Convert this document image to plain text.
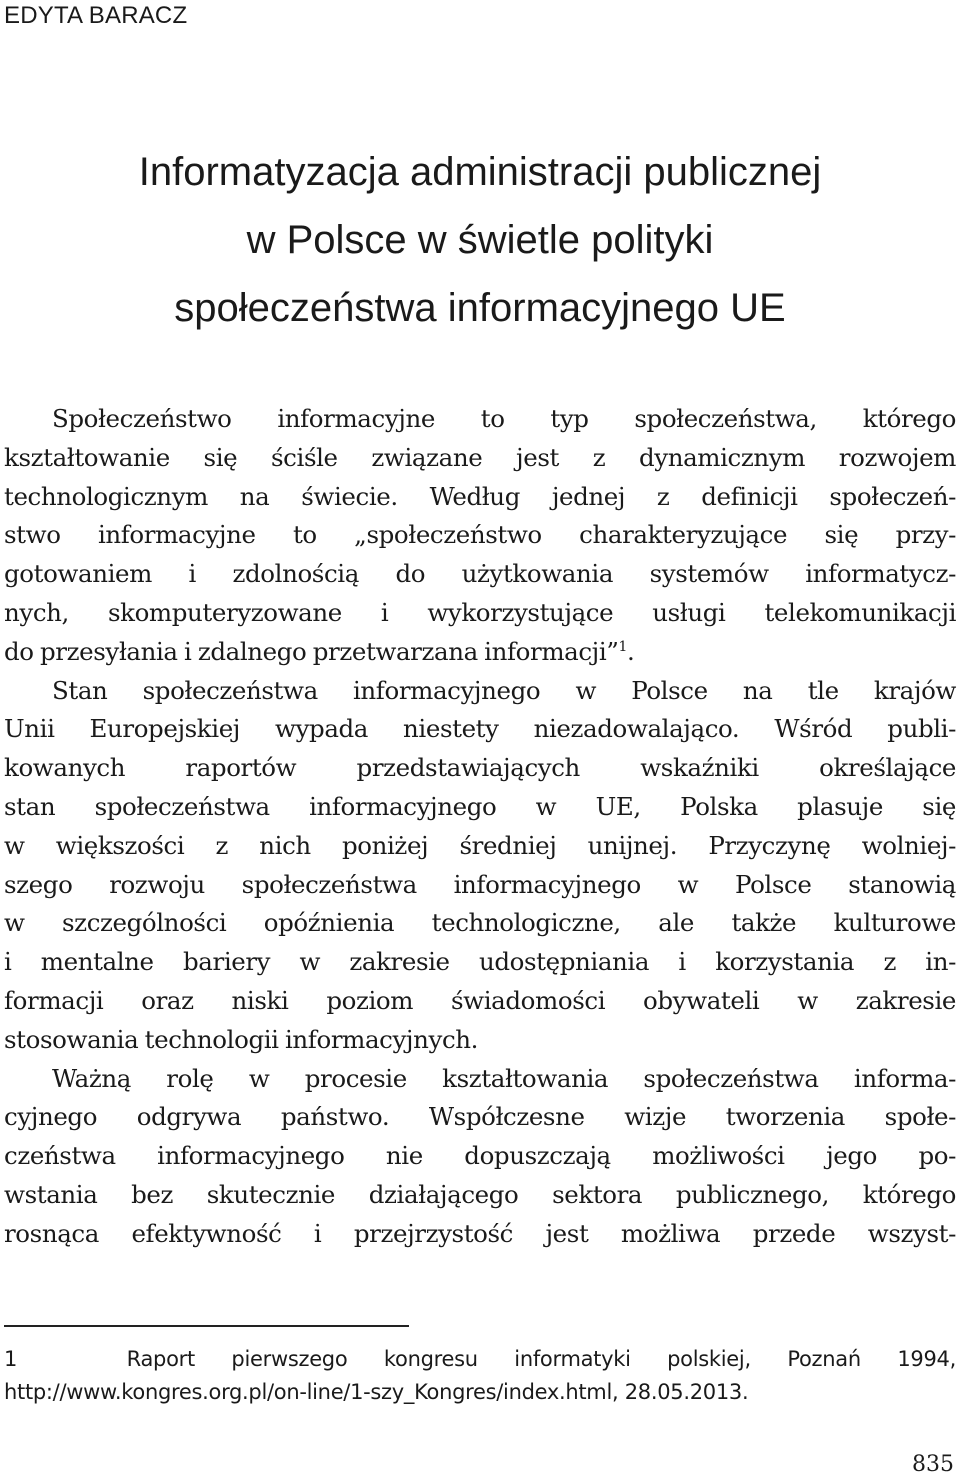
EDYTA BARACZ
Informatyzacja administracji publicznej
w Polsce w świetle polityki
społeczeństwa informacyjnego UE
Społeczeństwo informacyjne to typ społeczeństwa, którego
kształtowanie się ściśle związane jest z dynamicznym rozwojem
technologicznym na świecie. Według jednej z definicji społeczeń-
stwo informacyjne to „społeczeństwo charakteryzujące się przy-
gotowaniem i zdolnością do użytkowania systemów informatycz-
nych, skomputeryzowane i wykorzystujące usługi telekomunikacji
do przesyłania i zdalnego przetwarzana informacji”$^1$.
Stan społeczeństwa informacyjnego w Polsce na tle krajów
Unii Europejskiej wypada niestety niezadowalająco. Wśród publi-
kowanych raportów przedstawiających wskaźniki określające
stan społeczeństwa informacyjnego w UE, Polska plasuje się
w większości z nich poniżej średniej unijnej. Przyczynę wolniej-
szego rozwoju społeczeństwa informacyjnego w Polsce stanowią
w szczególności opóźnienia technologiczne, ale także kulturowe
i mentalne bariery w zakresie udostępniania i korzystania z in-
formacji oraz niski poziom świadomości obywateli w zakresie
stosowania technologii informacyjnych.
Ważną rolę w procesie kształtowania społeczeństwa informa-
cyjnego odgrywa państwo. Współczesne wizje tworzenia społe-
czeństwa informacyjnego nie dopuszczają możliwości jego po-
wstania bez skutecznie działającego sektora publicznego, którego
rosnąca efektywność i przejrzystość jest możliwa przede wszyst-
1	Raport pierwszego kongresu informatyki polskiej, Poznań 1994,
http://www.kongres.org.pl/on-line/1-szy_Kongres/index.html, 28.05.2013.
835
